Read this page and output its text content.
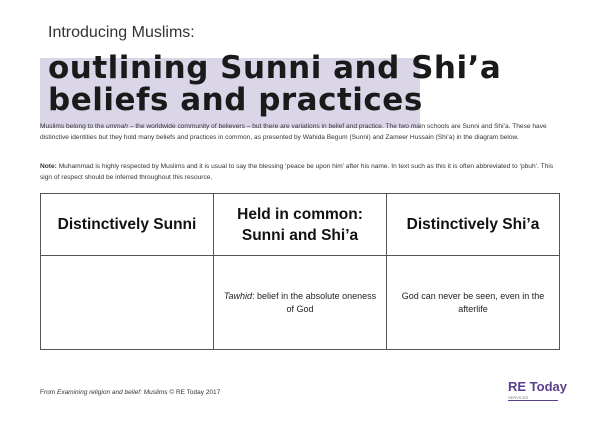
Introducing Muslims:
outlining Sunni and Shi’a
beliefs and practices
Muslims belong to the ummah – the worldwide community of believers – but there are variations in belief and practice. The two main schools are Sunni and Shi’a. These have distinctive identities but they hold many beliefs and practices in common, as presented by Wahida Begum (Sunni) and Zameer Hussain (Shi’a) in the diagram below.
Note: Muhammad is highly respected by Muslims and it is usual to say the blessing ‘peace be upon him’ after his name. In text such as this it is often abbreviated to ‘pbuh’. This sign of respect should be inferred throughout this resource.
Distinctively Sunni	Held in common: Sunni and Shi’a	Distinctively Shi’a
	Tawhid: belief in the absolute oneness of God	God can never be seen, even in the afterlife
From Examining religion and belief: Muslims © RE Today 2017	RE Today
SERVICES
